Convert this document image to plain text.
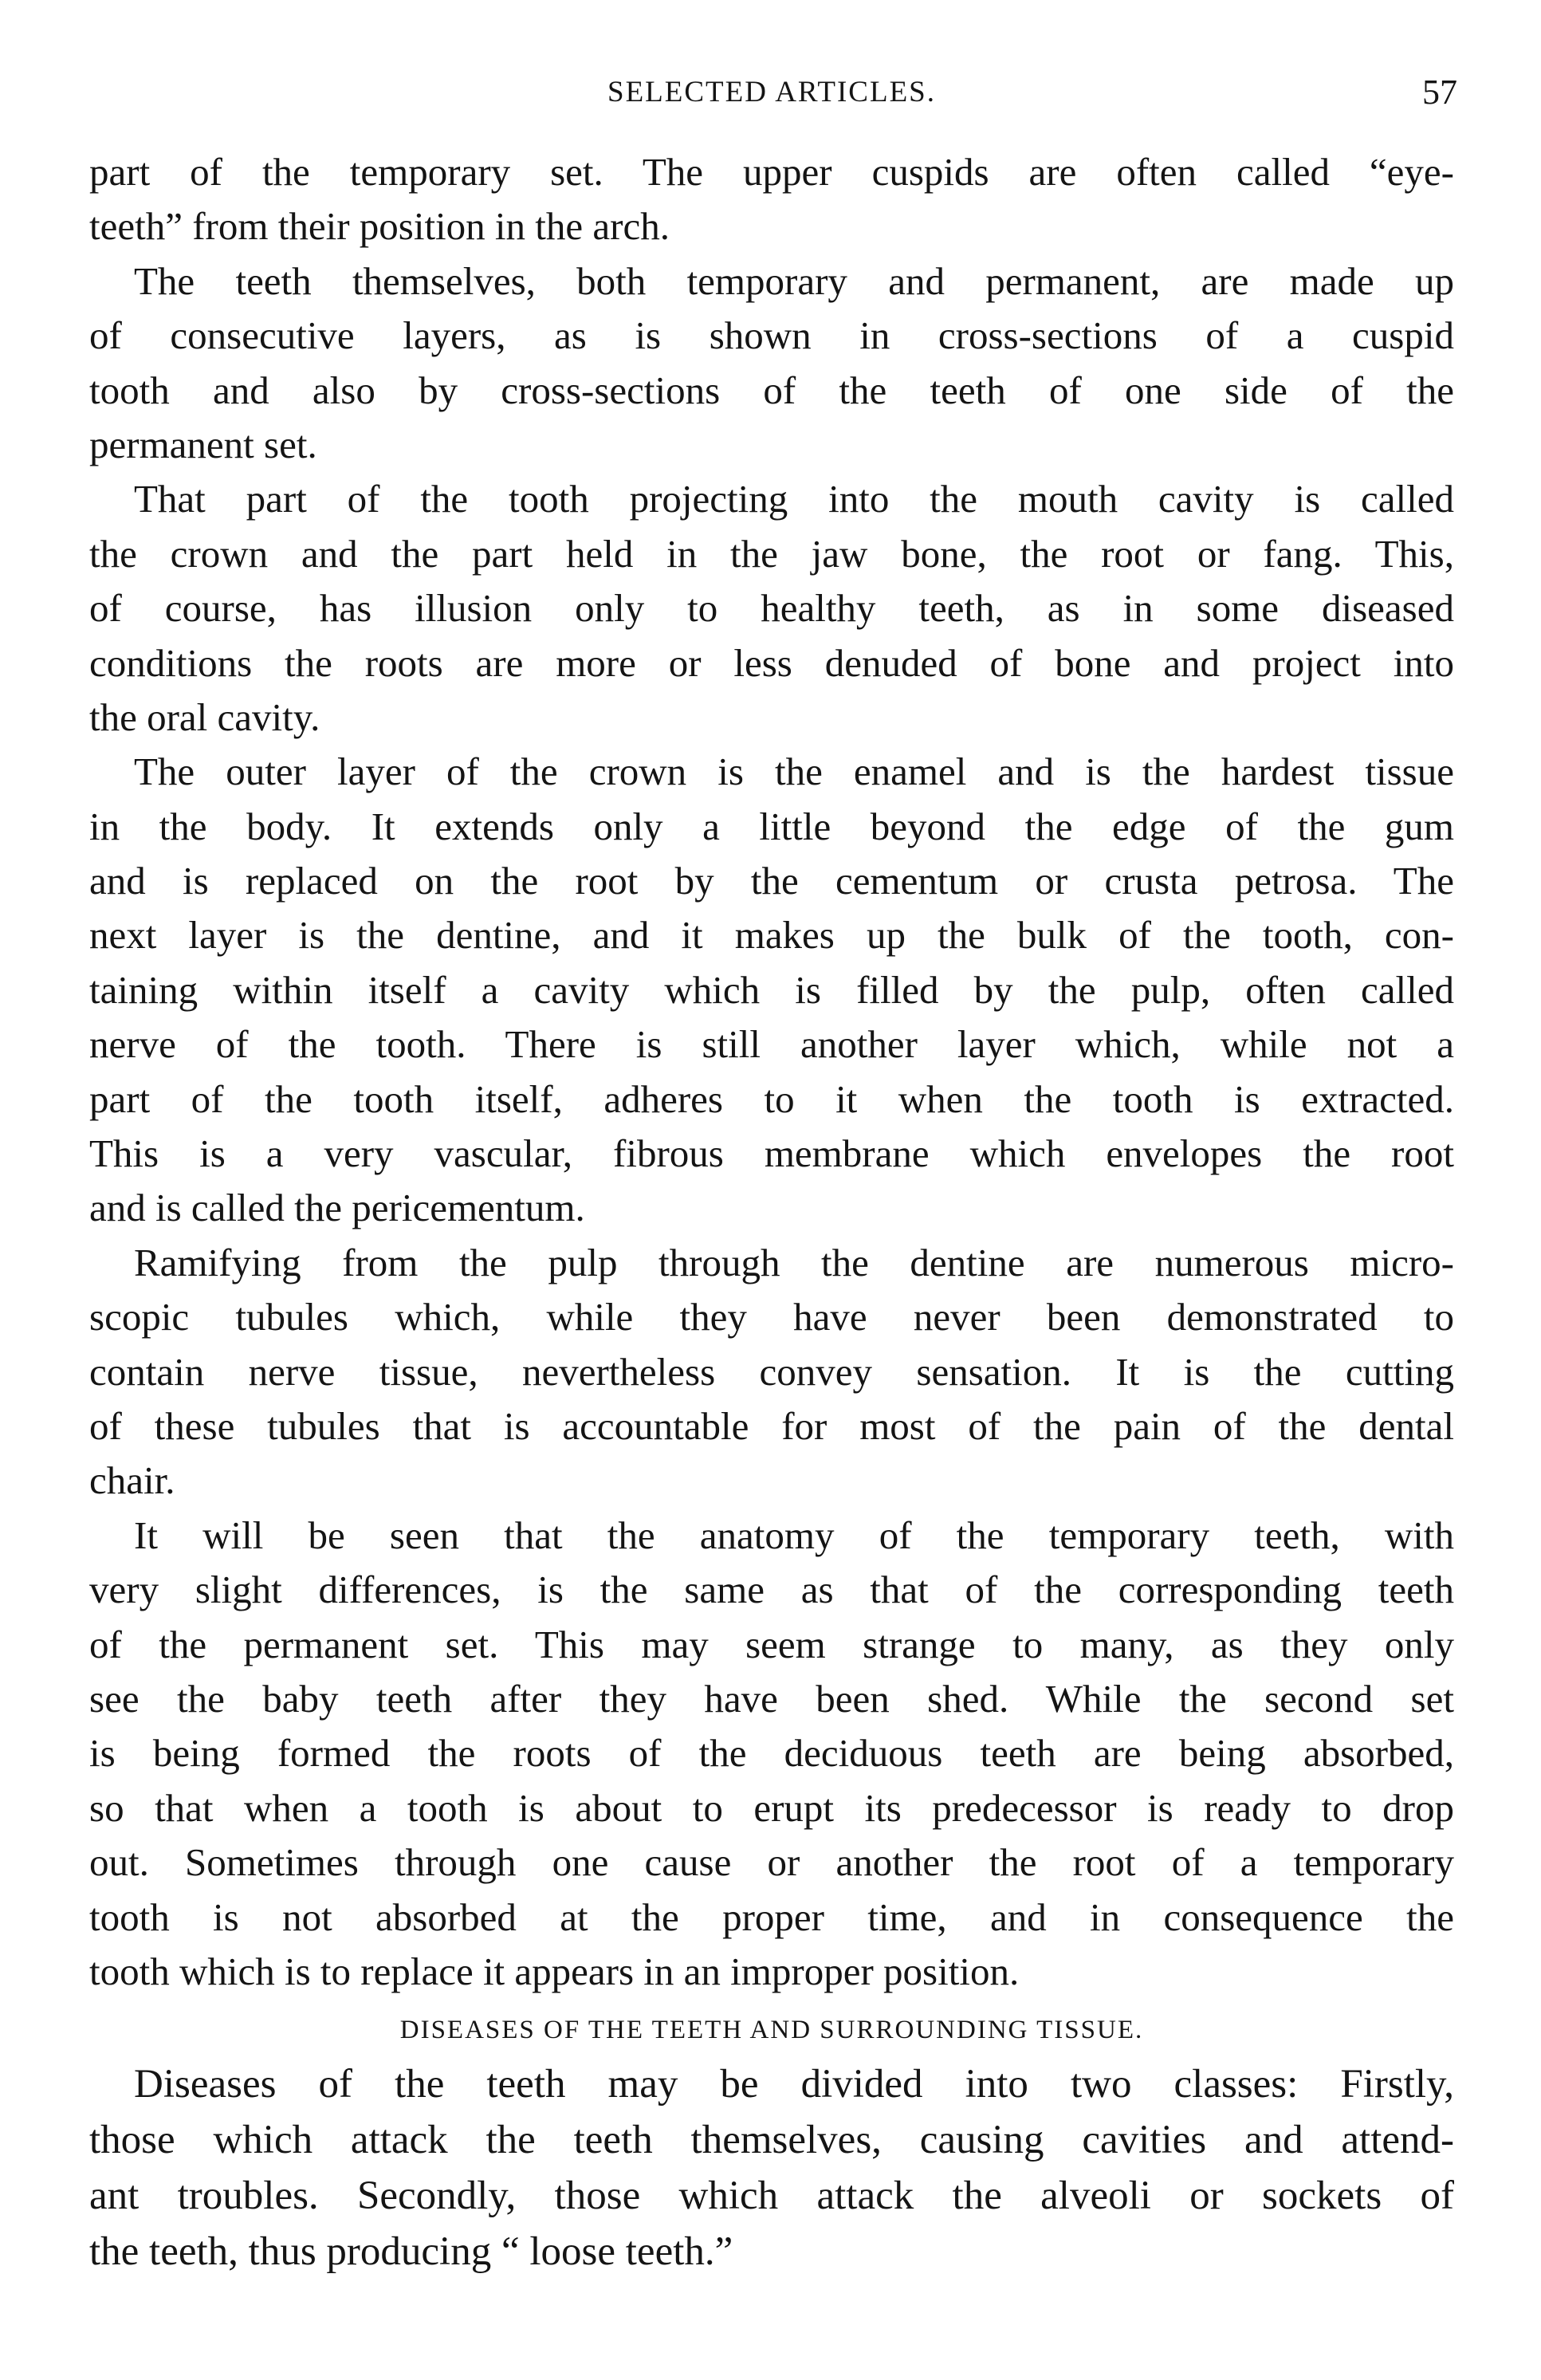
SELECTED ARTICLES.	57
part of the temporary set. The upper cuspids are often called “eye-
teeth” from their position in the arch.
The teeth themselves, both temporary and permanent, are made up
of consecutive layers, as is shown in cross-sections of a cuspid
tooth and also by cross-sections of the teeth of one side of the
permanent set.
That part of the tooth projecting into the mouth cavity is called
the crown and the part held in the jaw bone, the root or fang. This,
of course, has illusion only to healthy teeth, as in some diseased
conditions the roots are more or less denuded of bone and project into
the oral cavity.
The outer layer of the crown is the enamel and is the hardest tissue
in the body. It extends only a little beyond the edge of the gum
and is replaced on the root by the cementum or crusta petrosa. The
next layer is the dentine, and it makes up the bulk of the tooth, con-
taining within itself a cavity which is filled by the pulp, often called
nerve of the tooth. There is still another layer which, while not a
part of the tooth itself, adheres to it when the tooth is extracted.
This is a very vascular, fibrous membrane which envelopes the root
and is called the pericementum.
Ramifying from the pulp through the dentine are numerous micro-
scopic tubules which, while they have never been demonstrated to
contain nerve tissue, nevertheless convey sensation. It is the cutting
of these tubules that is accountable for most of the pain of the dental
chair.
It will be seen that the anatomy of the temporary teeth, with
very slight differences, is the same as that of the corresponding teeth
of the permanent set. This may seem strange to many, as they only
see the baby teeth after they have been shed. While the second set
is being formed the roots of the deciduous teeth are being absorbed,
so that when a tooth is about to erupt its predecessor is ready to drop
out. Sometimes through one cause or another the root of a temporary
tooth is not absorbed at the proper time, and in consequence the
tooth which is to replace it appears in an improper position.
DISEASES OF THE TEETH AND SURROUNDING TISSUE.
Diseases of the teeth may be divided into two classes: Firstly,
those which attack the teeth themselves, causing cavities and attend-
ant troubles. Secondly, those which attack the alveoli or sockets of
the teeth, thus producing “ loose teeth.”
